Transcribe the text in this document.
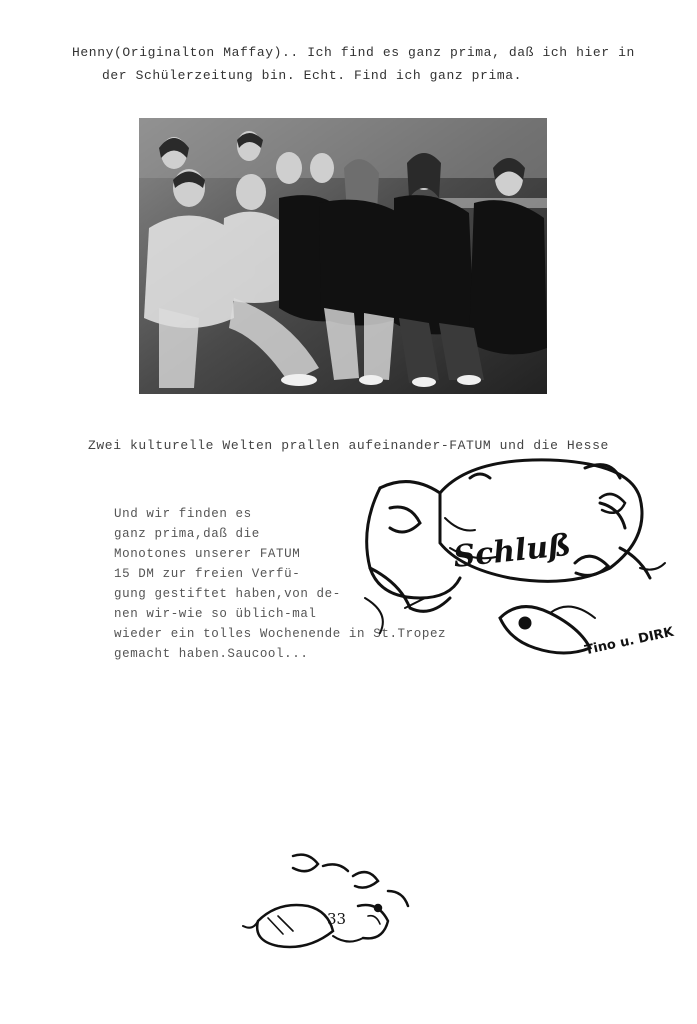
Henny(Originalton Maffay).. Ich find es ganz prima, daß ich hier in
der Schülerzeitung bin. Echt. Find ich ganz prima.
Zwei kulturelle Welten prallen aufeinander-FATUM und die Hesse
Und wir finden es
ganz prima,daß die
Monotones unserer FATUM
15 DM zur freien Verfü-
gung gestiftet haben,von de-
nen wir-wie so üblich-mal
wieder ein tolles Wochenende in St.Tropez
gemacht haben.Saucool...
Schluß
Tino u. DIRK
33
